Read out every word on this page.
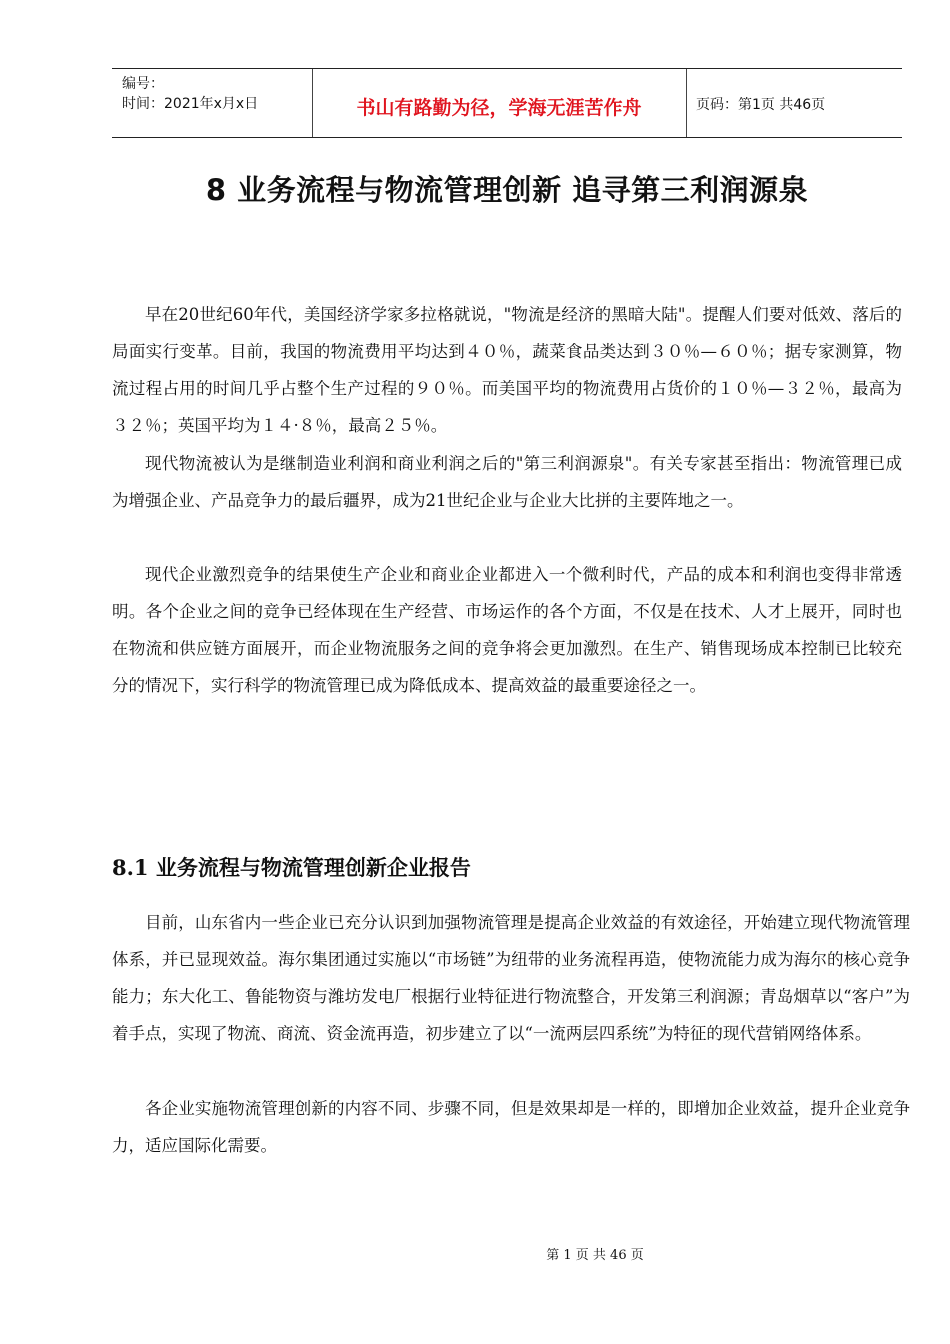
编号：
时间：2021年x月x日	书山有路勤为径，学海无涯苦作舟	页码：第1页 共46页
8 业务流程与物流管理创新 追寻第三利润源泉

早在20世纪60年代，美国经济学家多拉格就说，"物流是经济的黑暗大陆"。提醒人们要对低效、落后的局面实行变革。目前，我国的物流费用平均达到４０％，蔬菜食品类达到３０％—６０％；据专家测算，物流过程占用的时间几乎占整个生产过程的９０％。而美国平均的物流费用占货价的１０％—３２％，最高为３２％；英国平均为１４·８％，最高２５％。

现代物流被认为是继制造业利润和商业利润之后的"第三利润源泉"。有关专家甚至指出：物流管理已成为增强企业、产品竞争力的最后疆界，成为21世纪企业与企业大比拼的主要阵地之一。

现代企业激烈竞争的结果使生产企业和商业企业都进入一个微利时代，产品的成本和利润也变得非常透明。各个企业之间的竞争已经体现在生产经营、市场运作的各个方面，不仅是在技术、人才上展开，同时也在物流和供应链方面展开，而企业物流服务之间的竞争将会更加激烈。在生产、销售现场成本控制已比较充分的情况下，实行科学的物流管理已成为降低成本、提高效益的最重要途径之一。

8.1 业务流程与物流管理创新企业报告

目前，山东省内一些企业已充分认识到加强物流管理是提高企业效益的有效途径，开始建立现代物流管理体系，并已显现效益。海尔集团通过实施以“市场链”为纽带的业务流程再造，使物流能力成为海尔的核心竞争能力；东大化工、鲁能物资与潍坊发电厂根据行业特征进行物流整合，开发第三利润源；青岛烟草以“客户”为着手点，实现了物流、商流、资金流再造，初步建立了以“一流两层四系统”为特征的现代营销网络体系。

各企业实施物流管理创新的内容不同、步骤不同，但是效果却是一样的，即增加企业效益，提升企业竞争力，适应国际化需要。

第 1 页 共 46 页
